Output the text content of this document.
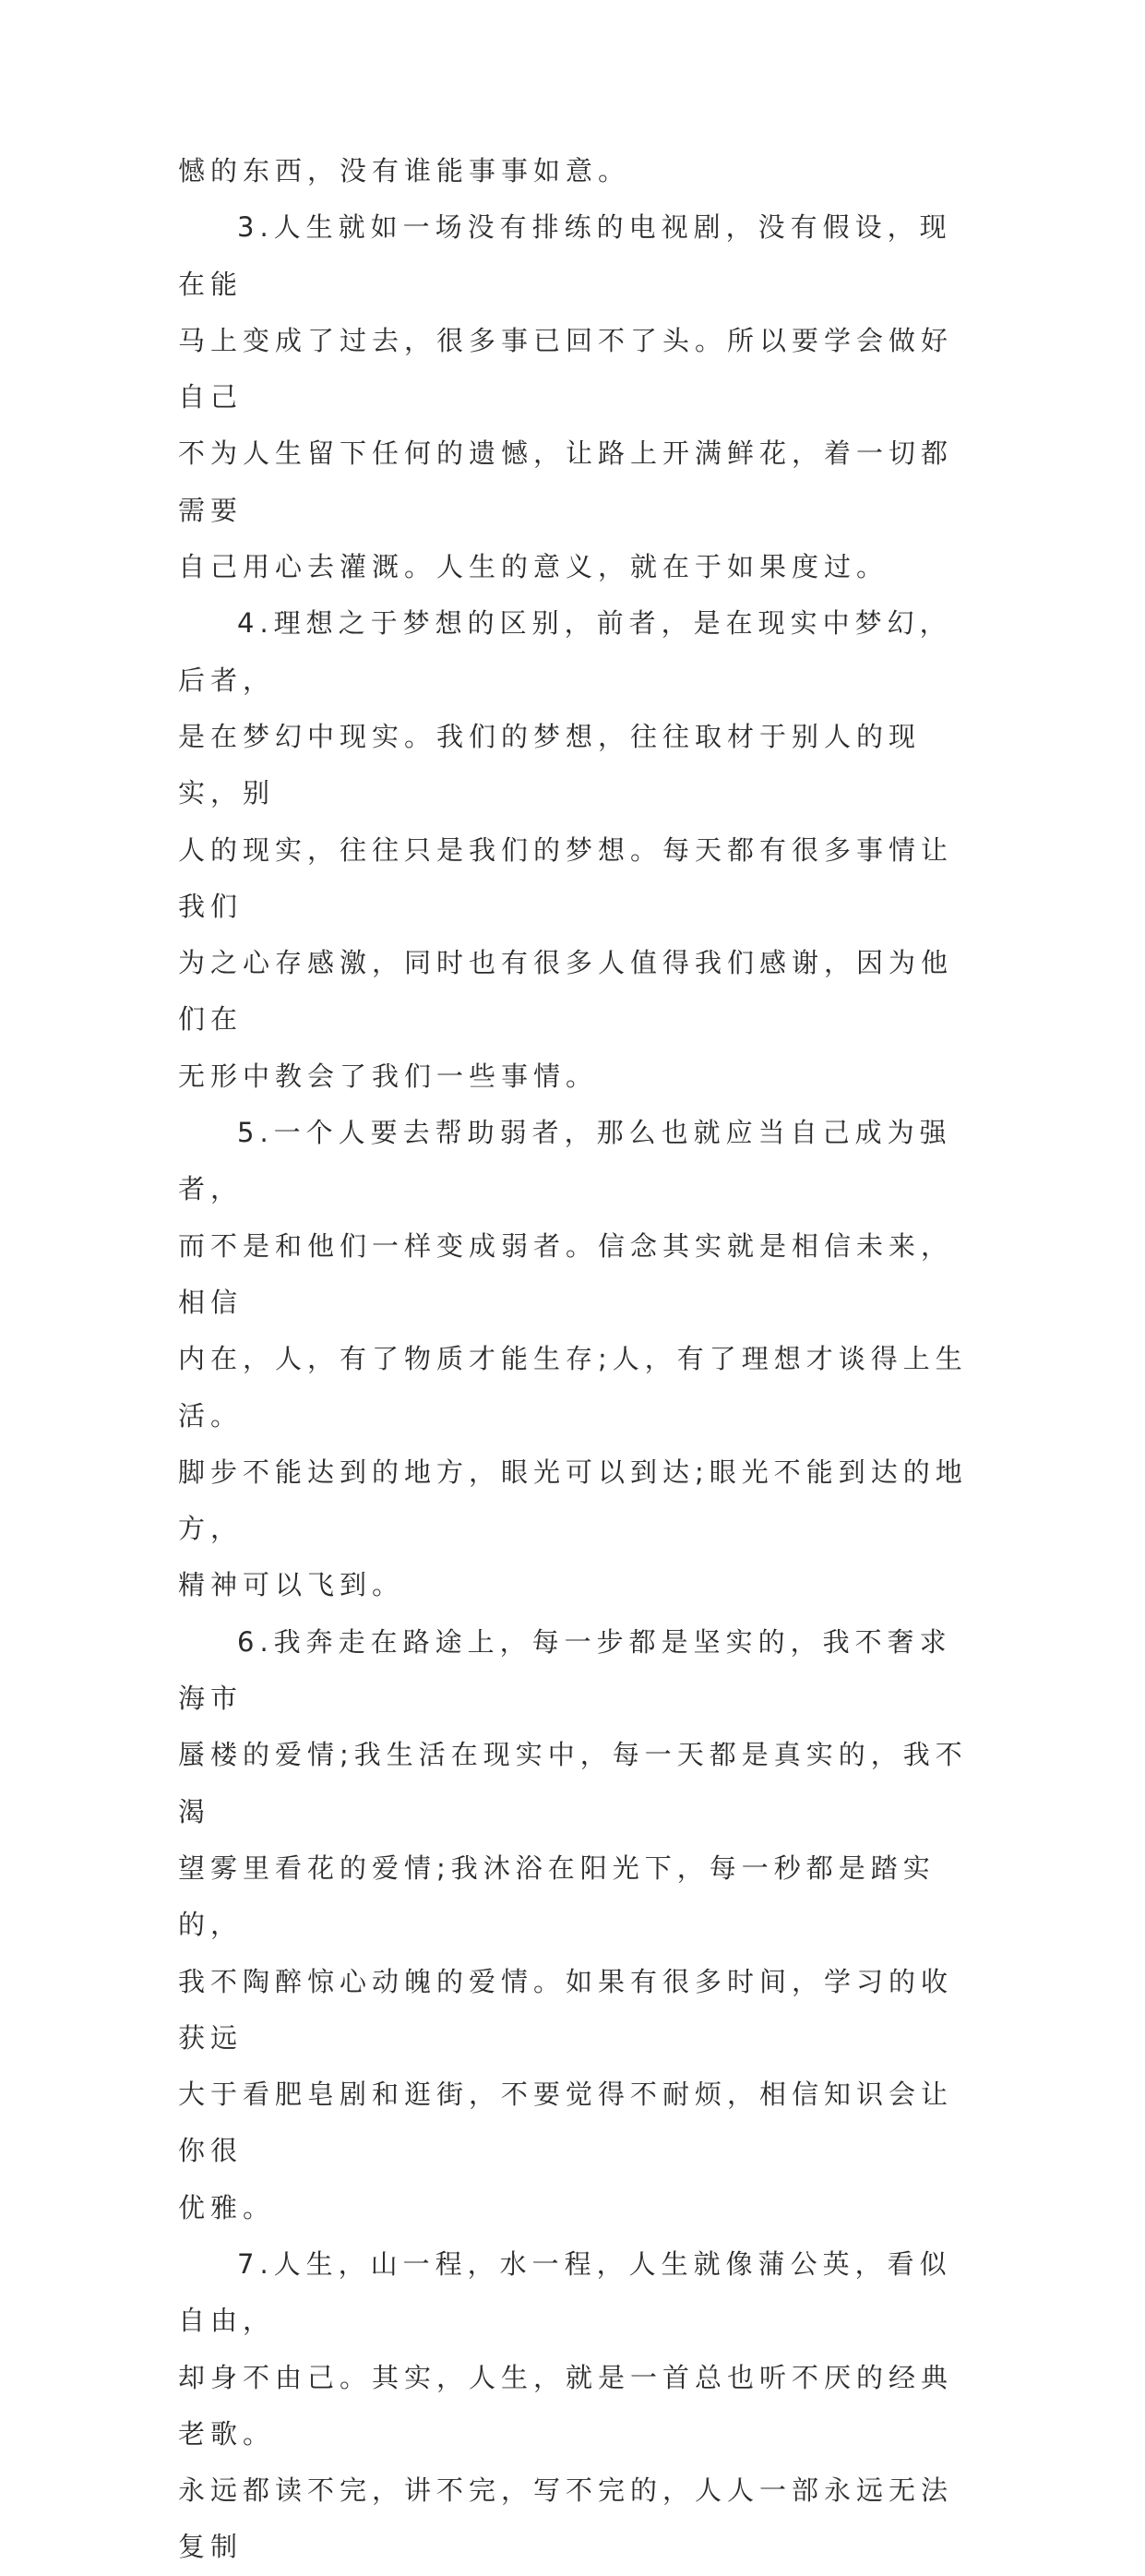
憾的东西，没有谁能事事如意。
3.人生就如一场没有排练的电视剧，没有假设，现在能
马上变成了过去，很多事已回不了头。所以要学会做好自己
不为人生留下任何的遗憾，让路上开满鲜花，着一切都需要
自己用心去灌溉。人生的意义，就在于如果度过。
4.理想之于梦想的区别，前者，是在现实中梦幻，后者，
是在梦幻中现实。我们的梦想，往往取材于别人的现实，别
人的现实，往往只是我们的梦想。每天都有很多事情让我们
为之心存感激，同时也有很多人值得我们感谢，因为他们在
无形中教会了我们一些事情。
5.一个人要去帮助弱者，那么也就应当自己成为强者，
而不是和他们一样变成弱者。信念其实就是相信未来，相信
内在，人，有了物质才能生存;人，有了理想才谈得上生活。
脚步不能达到的地方，眼光可以到达;眼光不能到达的地方，
精神可以飞到。
6.我奔走在路途上，每一步都是坚实的，我不奢求海市
蜃楼的爱情;我生活在现实中，每一天都是真实的，我不渴
望雾里看花的爱情;我沐浴在阳光下，每一秒都是踏实的，
我不陶醉惊心动魄的爱情。如果有很多时间，学习的收获远
大于看肥皂剧和逛街，不要觉得不耐烦，相信知识会让你很
优雅。
7.人生，山一程，水一程，人生就像蒲公英，看似自由，
却身不由己。其实，人生，就是一首总也听不厌的经典老歌。
永远都读不完，讲不完，写不完的，人人一部永远无法复制
